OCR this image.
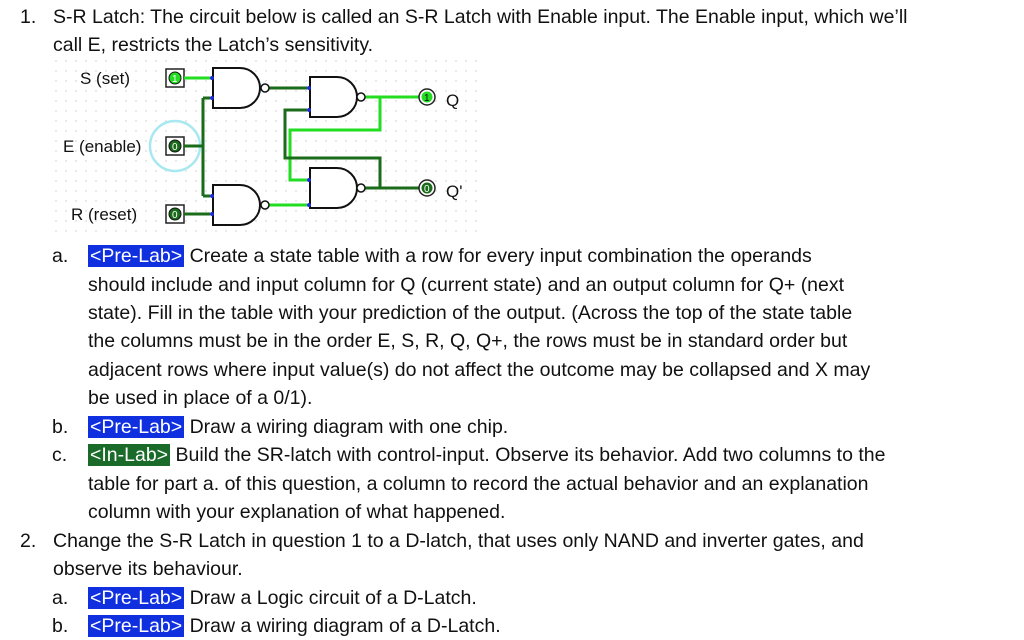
1. S-R Latch: The circuit below is called an S-R Latch with Enable input. The Enable input, which we’ll
call E, restricts the Latch’s sensitivity.
S (set)
E (enable)
R (reset)
Q
Q'
1
0
0
1
0
a. <Pre-Lab> Create a state table with a row for every input combination the operands
should include and input column for Q (current state) and an output column for Q+ (next
state). Fill in the table with your prediction of the output. (Across the top of the state table
the columns must be in the order E, S, R, Q, Q+, the rows must be in standard order but
adjacent rows where input value(s) do not affect the outcome may be collapsed and X may
be used in place of a 0/1).
b. <Pre-Lab> Draw a wiring diagram with one chip.
c. <In-Lab> Build the SR-latch with control-input. Observe its behavior. Add two columns to the
table for part a. of this question, a column to record the actual behavior and an explanation
column with your explanation of what happened.
2. Change the S-R Latch in question 1 to a D-latch, that uses only NAND and inverter gates, and
observe its behaviour.
a. <Pre-Lab> Draw a Logic circuit of a D-Latch.
b. <Pre-Lab> Draw a wiring diagram of a D-Latch.
